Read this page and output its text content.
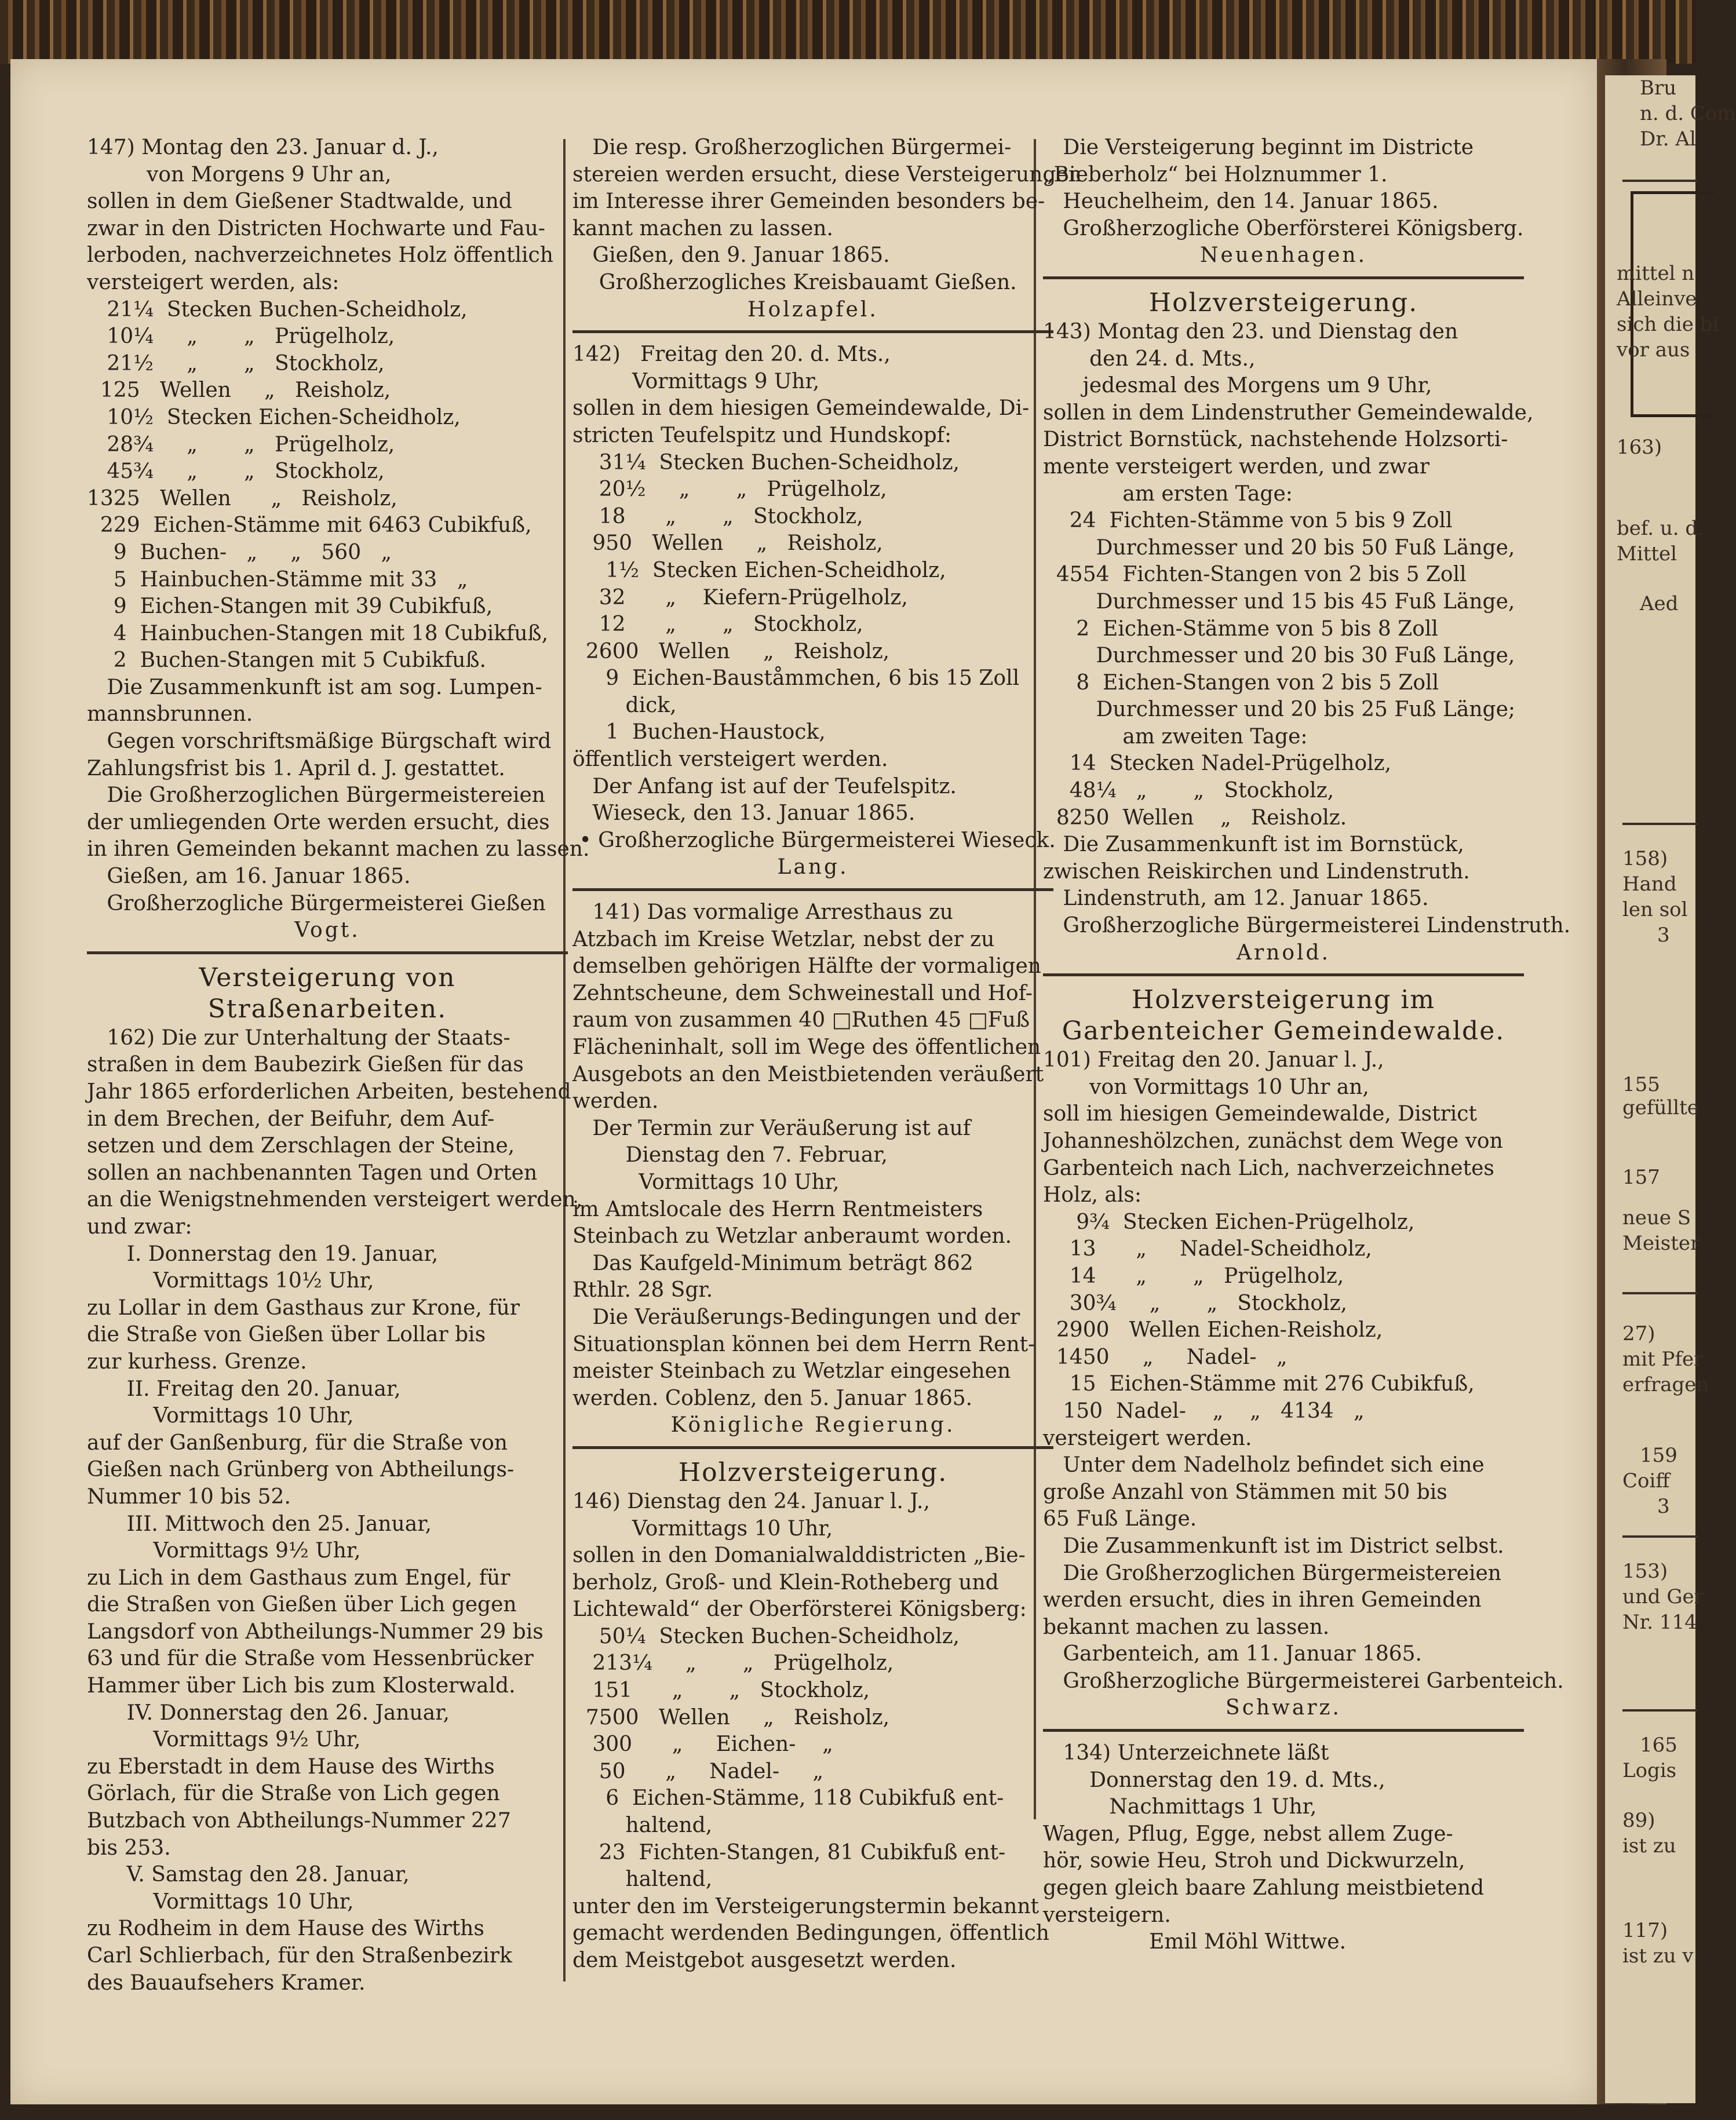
Bru
n. d. Com
Dr. Al
mittel n
Alleinve
sich die bi
vor aus
163)
bef. u. d.
Mittel
Aed
158)
Hand
len sol
3
155
gefüllte
157
neue S
Meister
27)
mit Pfer
erfragen
159
Coiff
3
153)
und Ger
Nr. 114
165
Logis
89)
ist zu
117)
ist zu v
147) Montag den 23. Januar d. J.,
von Morgens 9 Uhr an,
sollen in dem Gießener Stadtwalde, und
zwar in den Districten Hochwarte und Fau-
lerboden, nachverzeichnetes Holz öffentlich
versteigert werden, als:
21¼  Stecken Buchen-Scheidholz,
10¼     „       „   Prügelholz,
21½     „       „   Stockholz,
125   Wellen     „   Reisholz,
10½  Stecken Eichen-Scheidholz,
28¾     „       „   Prügelholz,
45¾     „       „   Stockholz,
1325   Wellen      „   Reisholz,
229  Eichen-Stämme mit 6463 Cubikfuß,
9  Buchen-   „     „   560   „
5  Hainbuchen-Stämme mit 33   „
9  Eichen-Stangen mit 39 Cubikfuß,
4  Hainbuchen-Stangen mit 18 Cubikfuß,
2  Buchen-Stangen mit 5 Cubikfuß.
Die Zusammenkunft ist am sog. Lumpen-
mannsbrunnen.
Gegen vorschriftsmäßige Bürgschaft wird
Zahlungsfrist bis 1. April d. J. gestattet.
Die Großherzoglichen Bürgermeistereien
der umliegenden Orte werden ersucht, dies
in ihren Gemeinden bekannt machen zu lassen.
Gießen, am 16. Januar 1865.
Großherzogliche Bürgermeisterei Gießen
Vogt.
Versteigerung von Straßenarbeiten.
162) Die zur Unterhaltung der Staats-
straßen in dem Baubezirk Gießen für das
Jahr 1865 erforderlichen Arbeiten, bestehend
in dem Brechen, der Beifuhr, dem Auf-
setzen und dem Zerschlagen der Steine,
sollen an nachbenannten Tagen und Orten
an die Wenigstnehmenden versteigert werden,
und zwar:
I. Donnerstag den 19. Januar,
Vormittags 10½ Uhr,
zu Lollar in dem Gasthaus zur Krone, für
die Straße von Gießen über Lollar bis
zur kurhess. Grenze.
II. Freitag den 20. Januar,
Vormittags 10 Uhr,
auf der Ganßenburg, für die Straße von
Gießen nach Grünberg von Abtheilungs-
Nummer 10 bis 52.
III. Mittwoch den 25. Januar,
Vormittags 9½ Uhr,
zu Lich in dem Gasthaus zum Engel, für
die Straßen von Gießen über Lich gegen
Langsdorf von Abtheilungs-Nummer 29 bis
63 und für die Straße vom Hessenbrücker
Hammer über Lich bis zum Klosterwald.
IV. Donnerstag den 26. Januar,
Vormittags 9½ Uhr,
zu Eberstadt in dem Hause des Wirths
Görlach, für die Straße von Lich gegen
Butzbach von Abtheilungs-Nummer 227
bis 253.
V. Samstag den 28. Januar,
Vormittags 10 Uhr,
zu Rodheim in dem Hause des Wirths
Carl Schlierbach, für den Straßenbezirk
des Bauaufsehers Kramer.
Die resp. Großherzoglichen Bürgermei-
stereien werden ersucht, diese Versteigerungen
im Interesse ihrer Gemeinden besonders be-
kannt machen zu lassen.
Gießen, den 9. Januar 1865.
Großherzogliches Kreisbauamt Gießen.
Holzapfel.
142)   Freitag den 20. d. Mts.,
Vormittags 9 Uhr,
sollen in dem hiesigen Gemeindewalde, Di-
stricten Teufelspitz und Hundskopf:
31¼  Stecken Buchen-Scheidholz,
20½     „       „   Prügelholz,
18      „       „   Stockholz,
950   Wellen     „   Reisholz,
1½  Stecken Eichen-Scheidholz,
32      „    Kiefern-Prügelholz,
12      „       „   Stockholz,
2600   Wellen     „   Reisholz,
9  Eichen-Bauståmmchen, 6 bis 15 Zoll
dick,
1  Buchen-Haustock,
öffentlich versteigert werden.
Der Anfang ist auf der Teufelspitz.
Wieseck, den 13. Januar 1865.
• Großherzogliche Bürgermeisterei Wieseck.
Lang.
141) Das vormalige Arresthaus zu
Atzbach im Kreise Wetzlar, nebst der zu
demselben gehörigen Hälfte der vormaligen
Zehntscheune, dem Schweinestall und Hof-
raum von zusammen 40 □Ruthen 45 □Fuß
Flächeninhalt, soll im Wege des öffentlichen
Ausgebots an den Meistbietenden veräußert
werden.
Der Termin zur Veräußerung ist auf
Dienstag den 7. Februar,
Vormittags 10 Uhr,
im Amtslocale des Herrn Rentmeisters
Steinbach zu Wetzlar anberaumt worden.
Das Kaufgeld-Minimum beträgt 862
Rthlr. 28 Sgr.
Die Veräußerungs-Bedingungen und der
Situationsplan können bei dem Herrn Rent-
meister Steinbach zu Wetzlar eingesehen
werden. Coblenz, den 5. Januar 1865.
Königliche Regierung.
Holzversteigerung.
146) Dienstag den 24. Januar l. J.,
Vormittags 10 Uhr,
sollen in den Domanialwalddistricten „Bie-
berholz, Groß- und Klein-Rotheberg und
Lichtewald“ der Oberförsterei Königsberg:
50¼  Stecken Buchen-Scheidholz,
213¼     „       „   Prügelholz,
151      „       „   Stockholz,
7500   Wellen     „   Reisholz,
300      „     Eichen-    „
50      „     Nadel-     „
6  Eichen-Stämme, 118 Cubikfuß ent-
haltend,
23  Fichten-Stangen, 81 Cubikfuß ent-
haltend,
unter den im Versteigerungstermin bekannt
gemacht werdenden Bedingungen, öffentlich
dem Meistgebot ausgesetzt werden.
Die Versteigerung beginnt im Districte
„Bieberholz“ bei Holznummer 1.
Heuchelheim, den 14. Januar 1865.
Großherzogliche Oberförsterei Königsberg.
Neuenhagen.
Holzversteigerung.
143) Montag den 23. und Dienstag den
den 24. d. Mts.,
jedesmal des Morgens um 9 Uhr,
sollen in dem Lindenstruther Gemeindewalde,
District Bornstück, nachstehende Holzsorti-
mente versteigert werden, und zwar
am ersten Tage:
24  Fichten-Stämme von 5 bis 9 Zoll
Durchmesser und 20 bis 50 Fuß Länge,
4554  Fichten-Stangen von 2 bis 5 Zoll
Durchmesser und 15 bis 45 Fuß Länge,
2  Eichen-Stämme von 5 bis 8 Zoll
Durchmesser und 20 bis 30 Fuß Länge,
8  Eichen-Stangen von 2 bis 5 Zoll
Durchmesser und 20 bis 25 Fuß Länge;
am zweiten Tage:
14  Stecken Nadel-Prügelholz,
48¼   „       „   Stockholz,
8250  Wellen    „   Reisholz.
Die Zusammenkunft ist im Bornstück,
zwischen Reiskirchen und Lindenstruth.
Lindenstruth, am 12. Januar 1865.
Großherzogliche Bürgermeisterei Lindenstruth.
Arnold.
Holzversteigerung im Garbenteicher Gemeindewalde.
101) Freitag den 20. Januar l. J.,
von Vormittags 10 Uhr an,
soll im hiesigen Gemeindewalde, District
Johanneshölzchen, zunächst dem Wege von
Garbenteich nach Lich, nachverzeichnetes
Holz, als:
9¾  Stecken Eichen-Prügelholz,
13      „     Nadel-Scheidholz,
14      „       „   Prügelholz,
30¾     „       „   Stockholz,
2900   Wellen Eichen-Reisholz,
1450     „     Nadel-   „
15  Eichen-Stämme mit 276 Cubikfuß,
150  Nadel-    „    „   4134   „
versteigert werden.
Unter dem Nadelholz befindet sich eine
große Anzahl von Stämmen mit 50 bis
65 Fuß Länge.
Die Zusammenkunft ist im District selbst.
Die Großherzoglichen Bürgermeistereien
werden ersucht, dies in ihren Gemeinden
bekannt machen zu lassen.
Garbenteich, am 11. Januar 1865.
Großherzogliche Bürgermeisterei Garbenteich.
Schwarz.
134) Unterzeichnete läßt
Donnerstag den 19. d. Mts.,
Nachmittags 1 Uhr,
Wagen, Pflug, Egge, nebst allem Zuge-
hör, sowie Heu, Stroh und Dickwurzeln,
gegen gleich baare Zahlung meistbietend
versteigern.
Emil Möhl Wittwe.
